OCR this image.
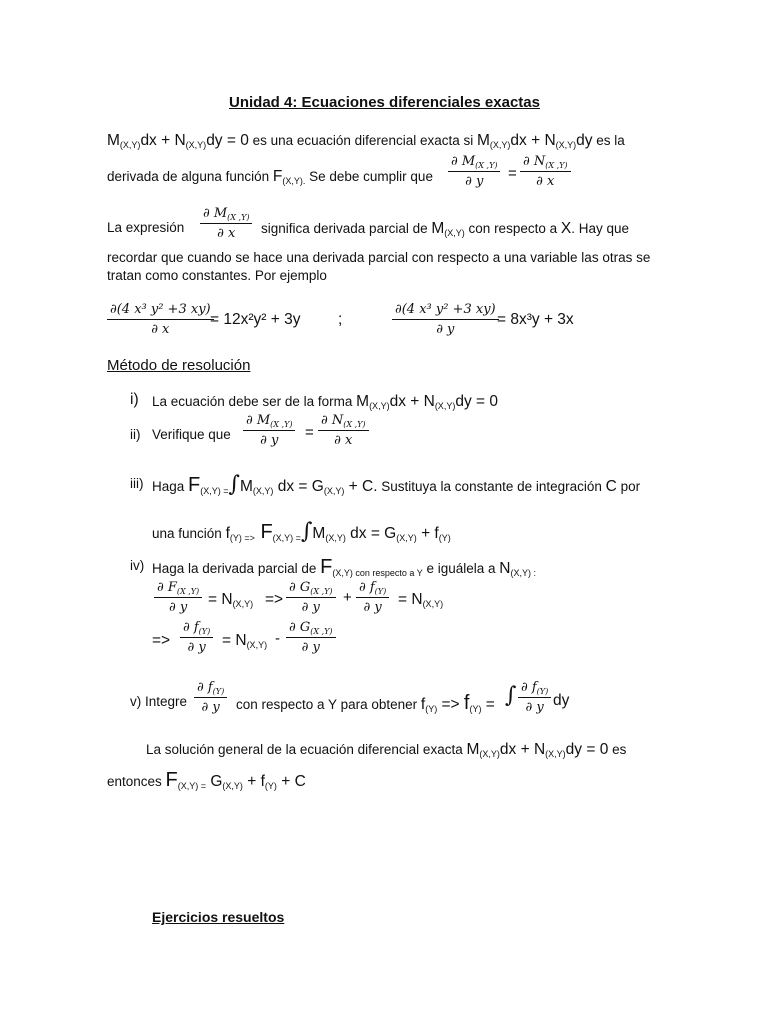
Unidad 4: Ecuaciones diferenciales exactas
$M_{(X,Y)}dx + N_{(X,Y)}dy = 0$ es una ecuación diferencial exacta si $M_{(X,Y)}dx + N_{(X,Y)}dy$ es la
derivada de alguna función $F_{(X,Y).}$ Se debe cumplir que $\frac{\partial M_{(X ,Y)}}{\partial y} = \frac{\partial N_{(X ,Y)}}{\partial x}$
La expresión $\frac{\partial M_{(X ,Y)}}{\partial x}$ significa derivada parcial de $M_{(X,Y)}$ con respecto a X. Hay que
recordar que cuando se hace una derivada parcial con respecto a una variable las otras se
tratan como constantes. Por ejemplo
$\frac{\text{∂(4 x³ y² +3 xy)}}{\partial x}$
= 12x²y² + 3y ;	$\frac{\text{∂(4 x³ y² +3 xy)}}{\partial y}$
= 8x³y + 3x
Método de resolución
i) La ecuación debe ser de la forma $M_{(X,Y)}dx + N_{(X,Y)}dy = 0$
ii) Verifique que $\frac{\partial M_{(X ,Y)}}{\partial y} = \frac{\partial N_{(X ,Y)}}{\partial x}$
iii) Haga $F_{(X,Y) =}\int M_{(X,Y)}$ dx = $G_{(X,Y)} + C$. Sustituya la constante de integración C por
una función $f_{(Y) =>}$ $F_{(X,Y) =}\int M_{(X,Y)}$ dx = $G_{(X,Y)} + f_{(Y)}$
iv) Haga la derivada parcial de $F_{(X,Y) con respecto a Y}$ e iguálela a $N_{(X,Y) :}$
$\frac{\partial F_{(X ,Y)}}{\partial y} = N_{(X,Y)} => \frac{\partial G_{(X ,Y)}}{\partial y} + \frac{\partial f_{(Y)}}{\partial y} = N_{(X,Y)}$
=> $\frac{\partial f_{(Y)}}{\partial y} = N_{(X,Y)} - \frac{\partial G_{(X ,Y)}}{\partial y}$
v) Integre $\frac{\partial f_{(Y)}}{\partial y}$ con respecto a Y para obtener $f_{(Y)} => f_{(Y)}$ = ∫ $\frac{\partial f_{(Y)}}{\partial y}$ dy
La solución general de la ecuación diferencial exacta $M_{(X,Y)}dx + N_{(X,Y)}dy = 0$ es
entonces $F_{(X,Y) =}$ $G_{(X,Y)} + f_{(Y)} + C$
Ejercicios resueltos
